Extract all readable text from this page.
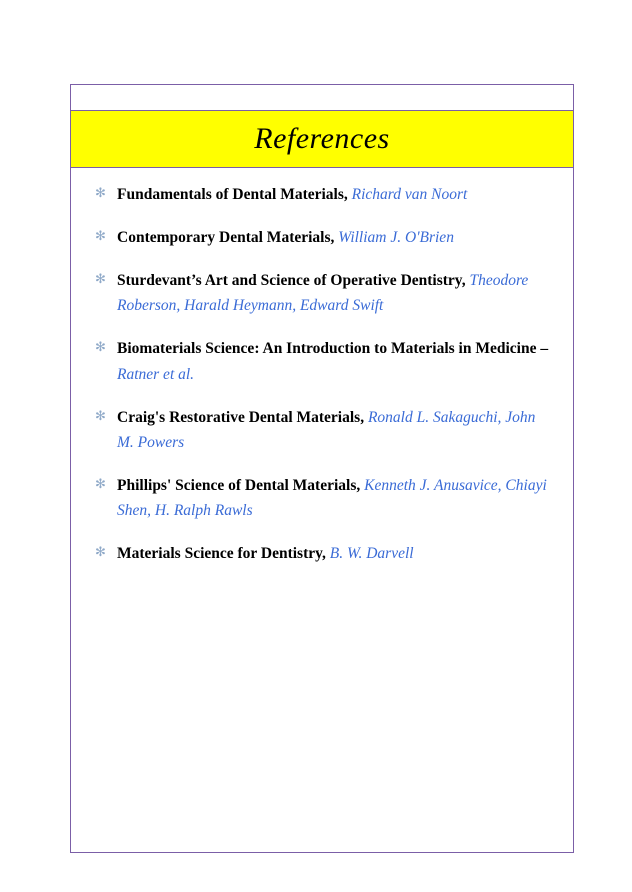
References
✻ Fundamentals of Dental Materials, Richard van Noort
✻ Contemporary Dental Materials, William J. O'Brien
✻ Sturdevant’s Art and Science of Operative Dentistry, Theodore Roberson, Harald Heymann, Edward Swift
✻ Biomaterials Science: An Introduction to Materials in Medicine – Ratner et al.
✻ Craig's Restorative Dental Materials, Ronald L. Sakaguchi, John M. Powers
✻ Phillips' Science of Dental Materials, Kenneth J. Anusavice, Chiayi Shen, H. Ralph Rawls
✻ Materials Science for Dentistry, B. W. Darvell
